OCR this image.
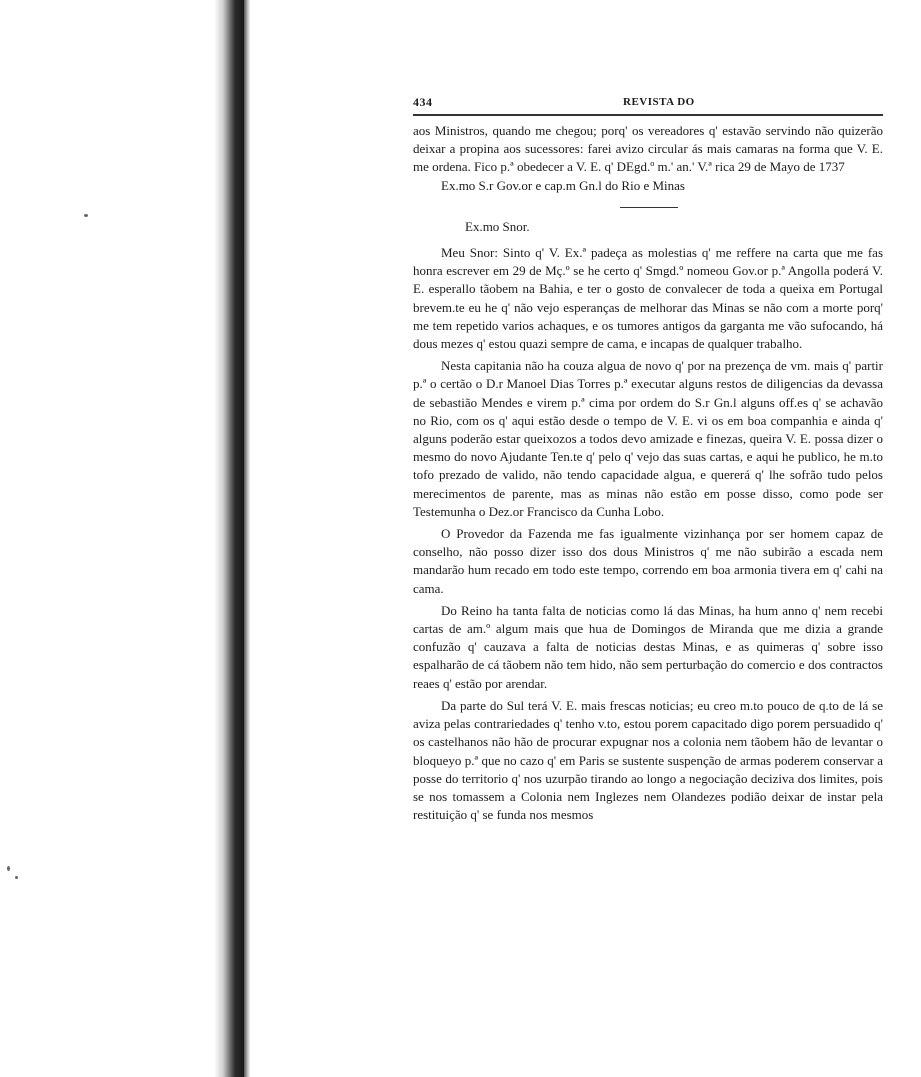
434	REVISTA DO

aos Ministros, quando me chegou; porq' os vereadores q' estavão servindo não quizerão deixar a propina aos sucessores: farei avizo circular ás mais camaras na forma que V. E. me ordena. Fico p.ª obedecer a V. E. q' DEgd.º m.' an.' V.ª rica 29 de Mayo de 1737

Ex.mo S.r Gov.or e cap.m Gn.l do Rio e Minas

Ex.mo Snor.

Meu Snor: Sinto q' V. Ex.ª padeça as molestias q' me reffere na carta que me fas honra escrever em 29 de Mç.º se he certo q' Smgd.º nomeou Gov.or p.ª Angolla poderá V. E. esperallo tãobem na Bahia, e ter o gosto de convalecer de toda a queixa em Portugal brevem.te eu he q' não vejo esperanças de melhorar das Minas se não com a morte porq' me tem repetido varios achaques, e os tumores antigos da garganta me vão sufocando, há dous mezes q' estou quazi sempre de cama, e incapas de qualquer trabalho.

Nesta capitania não ha couza algua de novo q' por na prezença de vm. mais q' partir p.ª o certão o D.r Manoel Dias Torres p.ª executar alguns restos de diligencias da devassa de sebastião Mendes e virem p.ª cima por ordem do S.r Gn.l alguns off.es q' se achavão no Rio, com os q' aqui estão desde o tempo de V. E. vi os em boa companhia e ainda q' alguns poderão estar queixozos a todos devo amizade e finezas, queira V. E. possa dizer o mesmo do novo Ajudante Ten.te q' pelo q' vejo das suas cartas, e aqui he publico, he m.to tofo prezado de valido, não tendo capacidade algua, e quererá q' lhe sofrão tudo pelos merecimentos de parente, mas as minas não estão em posse disso, como pode ser Testemunha o Dez.or Francisco da Cunha Lobo.

O Provedor da Fazenda me fas igualmente vizinhança por ser homem capaz de conselho, não posso dizer isso dos dous Ministros q' me não subirão a escada nem mandarão hum recado em todo este tempo, correndo em boa armonia tivera em q' cahi na cama.

Do Reino ha tanta falta de noticias como lá das Minas, ha hum anno q' nem recebi cartas de am.º algum mais que hua de Domingos de Miranda que me dizia a grande confuzão q' cauzava a falta de noticias destas Minas, e as quimeras q' sobre isso espalharão de cá tãobem não tem hido, não sem perturbação do comercio e dos contractos reaes q' estão por arendar.

Da parte do Sul terá V. E. mais frescas noticias; eu creo m.to pouco de q.to de lá se aviza pelas contrariedades q' tenho v.to, estou porem capacitado digo porem persuadido q' os castelhanos não hão de procurar expugnar nos a colonia nem tãobem hão de levantar o bloqueyo p.ª que no cazo q' em Paris se sustente suspenção de armas poderem conservar a posse do territorio q' nos uzurpão tirando ao longo a negociação deciziva dos limites, pois se nos tomassem a Colonia nem Inglezes nem Olandezes podião deixar de instar pela restituição q' se funda nos mesmos
